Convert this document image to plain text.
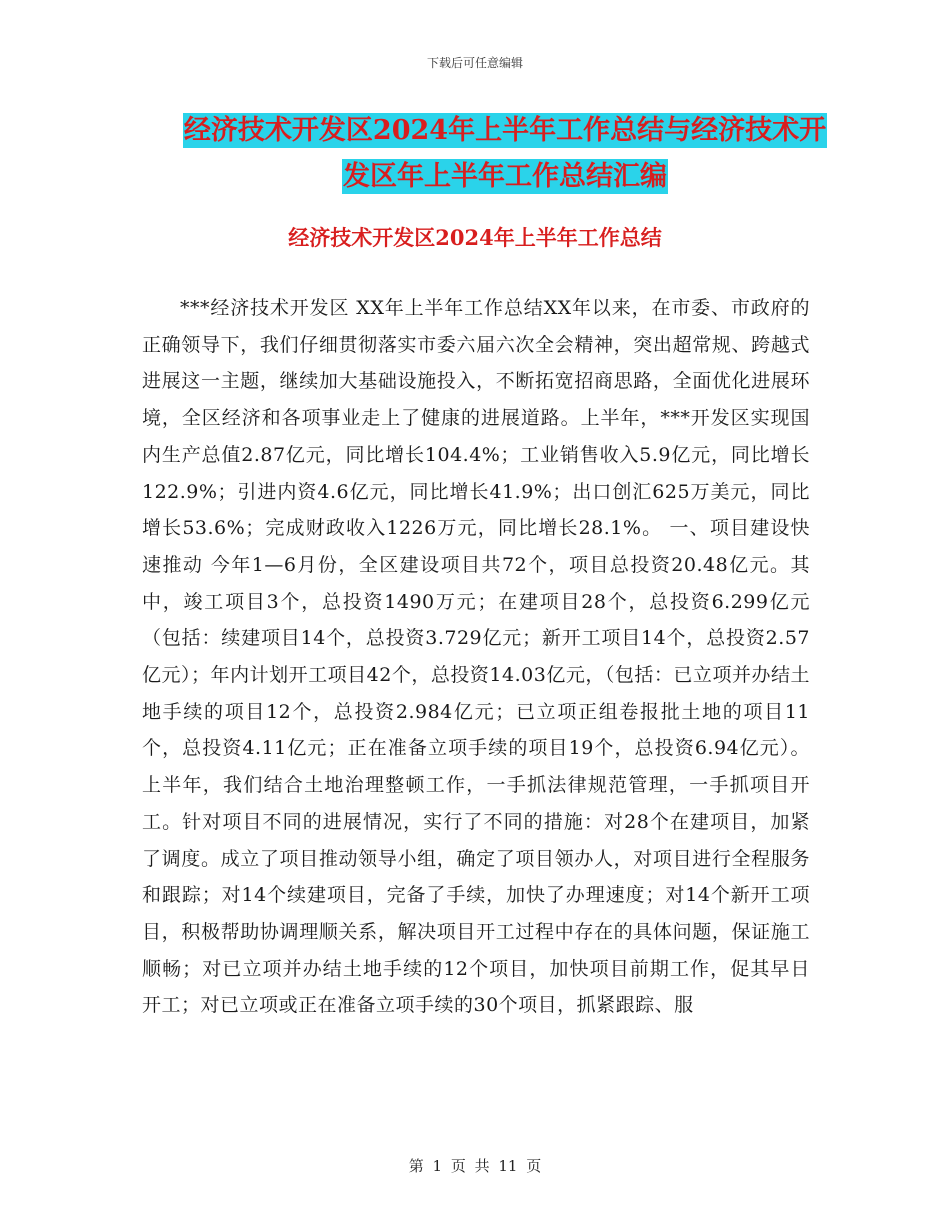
下载后可任意编辑
经济技术开发区2024年上半年工作总结与经济技术开
发区年上半年工作总结汇编
经济技术开发区2024年上半年工作总结

***经济技术开发区 XX年上半年工作总结XX年以来，在市委、市政府的正确领导下，我们仔细贯彻落实市委六届六次全会精神，突出超常规、跨越式进展这一主题，继续加大基础设施投入，不断拓宽招商思路，全面优化进展环境，全区经济和各项事业走上了健康的进展道路。上半年，***开发区实现国内生产总值2.87亿元，同比增长104.4%；工业销售收入5.9亿元，同比增长122.9%；引进内资4.6亿元，同比增长41.9%；出口创汇625万美元，同比增长53.6%；完成财政收入1226万元，同比增长28.1%。 一、项目建设快速推动 今年1—6月份，全区建设项目共72个，项目总投资20.48亿元。其中，竣工项目3个，总投资1490万元；在建项目28个，总投资6.299亿元（包括：续建项目14个，总投资3.729亿元；新开工项目14个，总投资2.57亿元）；年内计划开工项目42个，总投资14.03亿元，（包括：已立项并办结土地手续的项目12个，总投资2.984亿元；已立项正组卷报批土地的项目11个，总投资4.11亿元；正在准备立项手续的项目19个，总投资6.94亿元）。上半年，我们结合土地治理整顿工作，一手抓法律规范管理，一手抓项目开工。针对项目不同的进展情况，实行了不同的措施：对28个在建项目，加紧了调度。成立了项目推动领导小组，确定了项目领办人，对项目进行全程服务和跟踪；对14个续建项目，完备了手续，加快了办理速度；对14个新开工项目，积极帮助协调理顺关系，解决项目开工过程中存在的具体问题，保证施工顺畅；对已立项并办结土地手续的12个项目，加快项目前期工作，促其早日开工；对已立项或正在准备立项手续的30个项目，抓紧跟踪、服

第 1 页 共 11 页
